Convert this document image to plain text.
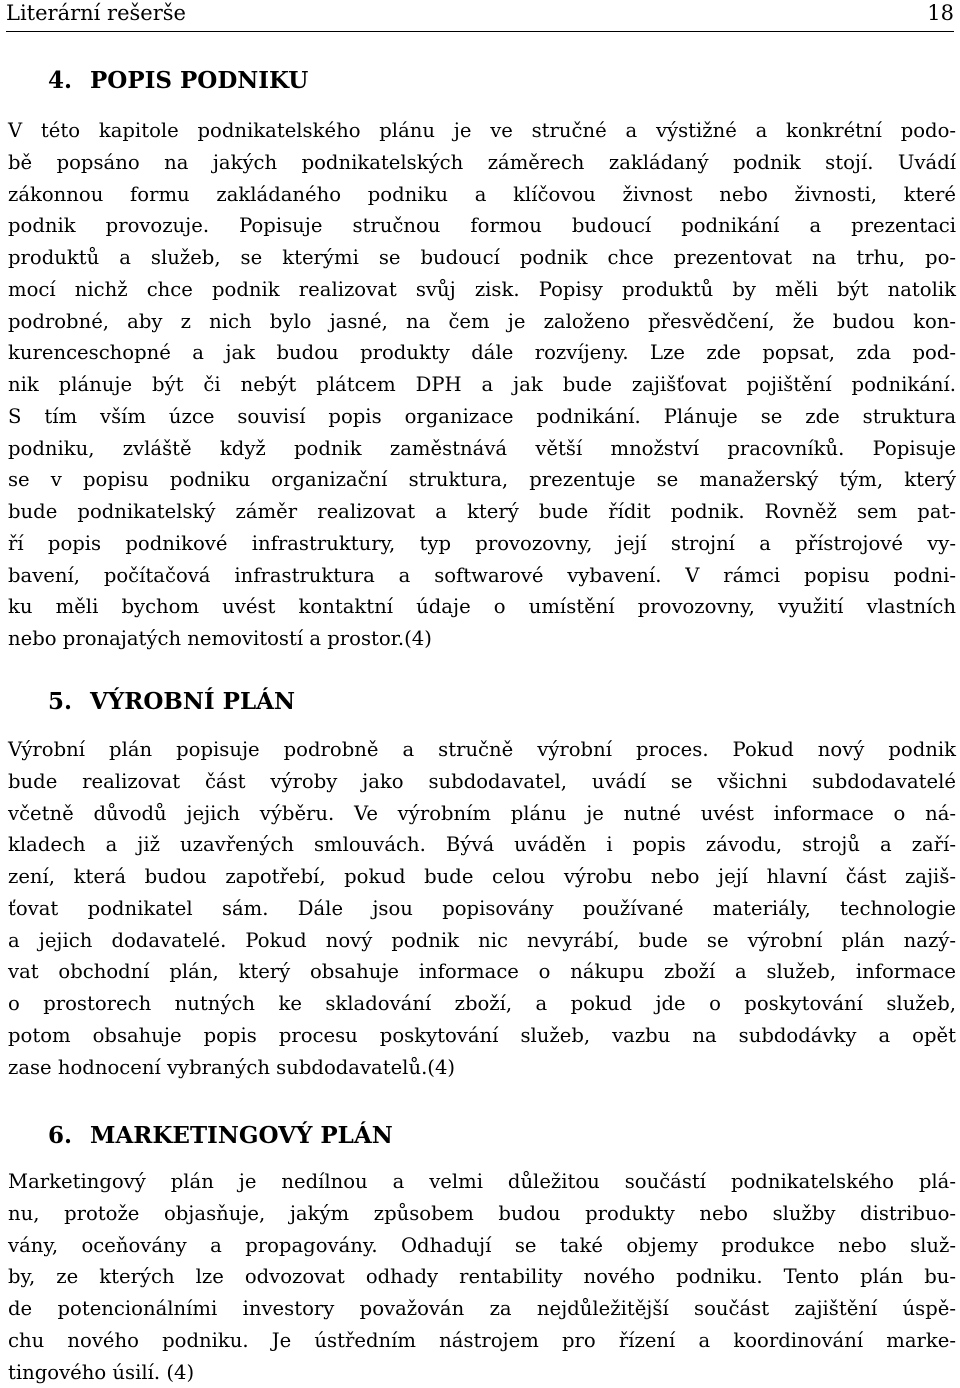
Literární rešerše	18
4. POPIS PODNIKU
V této kapitole podnikatelského plánu je ve stručné a výstižné a konkrétní podo-
bě popsáno na jakých podnikatelských záměrech zakládaný podnik stojí. Uvádí
zákonnou formu zakládaného podniku a klíčovou živnost nebo živnosti, které
podnik provozuje. Popisuje stručnou formou budoucí podnikání a prezentaci
produktů a služeb, se kterými se budoucí podnik chce prezentovat na trhu, po-
mocí nichž chce podnik realizovat svůj zisk. Popisy produktů by měli být natolik
podrobné, aby z nich bylo jasné, na čem je založeno přesvědčení, že budou kon-
kurenceschopné a jak budou produkty dále rozvíjeny. Lze zde popsat, zda pod-
nik plánuje být či nebýt plátcem DPH a jak bude zajišťovat pojištění podnikání.
S tím vším úzce souvisí popis organizace podnikání. Plánuje se zde struktura
podniku, zvláště když podnik zaměstnává větší množství pracovníků. Popisuje
se v popisu podniku organizační struktura, prezentuje se manažerský tým, který
bude podnikatelský záměr realizovat a který bude řídit podnik. Rovněž sem pat-
ří popis podnikové infrastruktury, typ provozovny, její strojní a přístrojové vy-
bavení, počítačová infrastruktura a softwarové vybavení. V rámci popisu podni-
ku měli bychom uvést kontaktní údaje o umístění provozovny, využití vlastních
nebo pronajatých nemovitostí a prostor.(4)
5. VÝROBNÍ PLÁN
Výrobní plán popisuje podrobně a stručně výrobní proces. Pokud nový podnik
bude realizovat část výroby jako subdodavatel, uvádí se všichni subdodavatelé
včetně důvodů jejich výběru. Ve výrobním plánu je nutné uvést informace o ná-
kladech a již uzavřených smlouvách. Bývá uváděn i popis závodu, strojů a zaří-
zení, která budou zapotřebí, pokud bude celou výrobu nebo její hlavní část zajiš-
ťovat podnikatel sám. Dále jsou popisovány používané materiály, technologie
a jejich dodavatelé. Pokud nový podnik nic nevyrábí, bude se výrobní plán nazý-
vat obchodní plán, který obsahuje informace o nákupu zboží a služeb, informace
o prostorech nutných ke skladování zboží, a pokud jde o poskytování služeb,
potom obsahuje popis procesu poskytování služeb, vazbu na subdodávky a opět
zase hodnocení vybraných subdodavatelů.(4)
6. MARKETINGOVÝ PLÁN
Marketingový plán je nedílnou a velmi důležitou součástí podnikatelského plá-
nu, protože objasňuje, jakým způsobem budou produkty nebo služby distribuo-
vány, oceňovány a propagovány. Odhadují se také objemy produkce nebo služ-
by, ze kterých lze odvozovat odhady rentability nového podniku. Tento plán bu-
de potencionálními investory považován za nejdůležitější součást zajištění úspě-
chu nového podniku. Je ústředním nástrojem pro řízení a koordinování marke-
tingového úsilí. (4)
